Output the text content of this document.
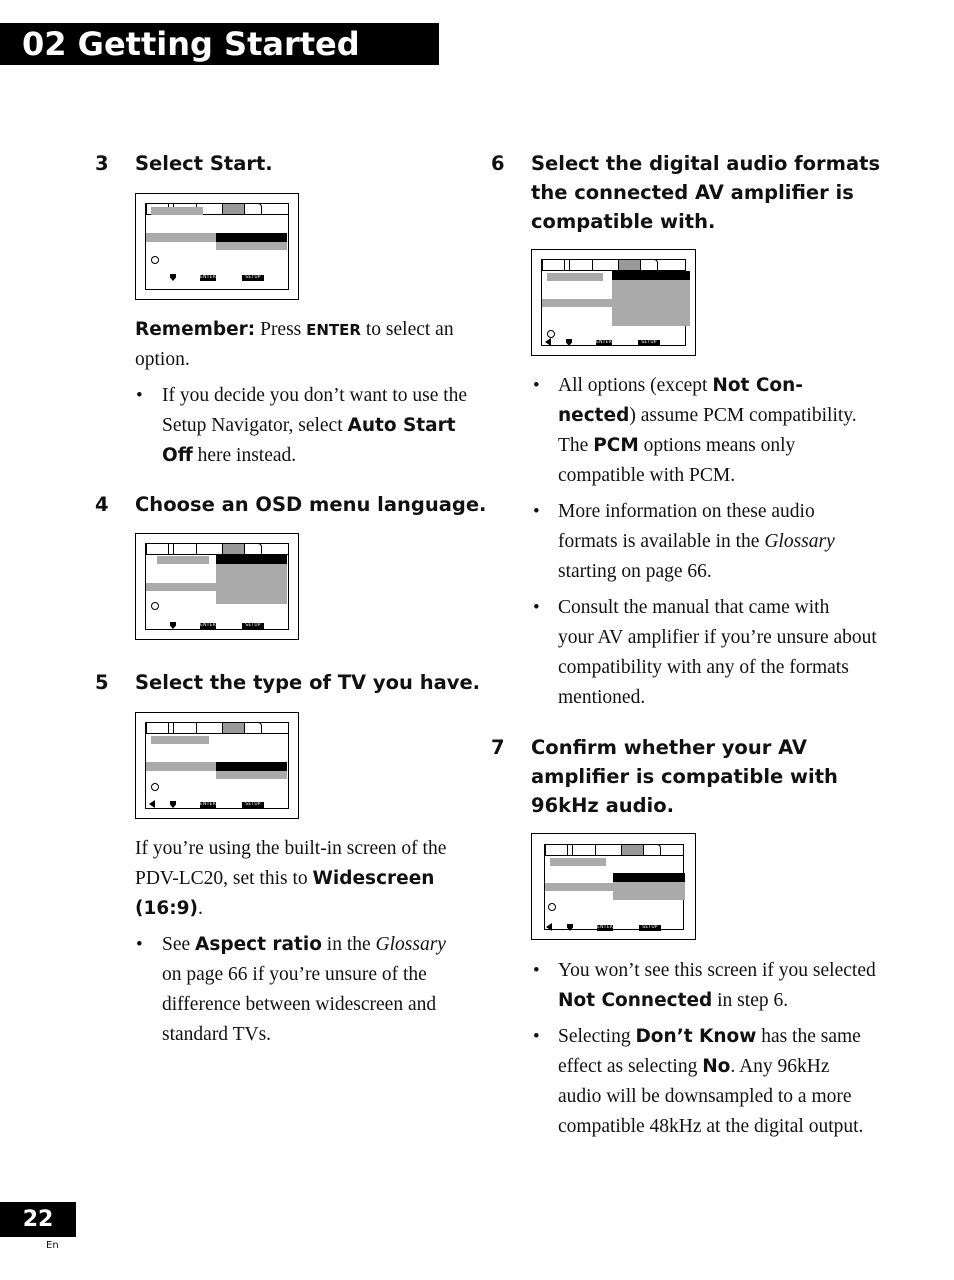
02 Getting Started
3 Select Start.
ENTER	SETUP
Remember: Press ENTER to select an
option.
• If you decide you don’t want to use the
Setup Navigator, select Auto Start
Off here instead.
4 Choose an OSD menu language.
ENTER	SETUP
5 Select the type of TV you have.
ENTER	SETUP
If you’re using the built-in screen of the
PDV-LC20, set this to Widescreen
(16:9).
• See Aspect ratio in the Glossary
on page 66 if you’re unsure of the
difference between widescreen and
standard TVs.
6 Select the digital audio formats
the connected AV amplifier is
compatible with.
ENTER	SETUP
• All options (except Not Con-
nected) assume PCM compatibility.
The PCM options means only
compatible with PCM.
• More information on these audio
formats is available in the Glossary
starting on page 66.
• Consult the manual that came with
your AV amplifier if you’re unsure about
compatibility with any of the formats
mentioned.
7 Confirm whether your AV
amplifier is compatible with
96kHz audio.
ENTER	SETUP
• You won’t see this screen if you selected
Not Connected in step 6.
• Selecting Don’t Know has the same
effect as selecting No. Any 96kHz
audio will be downsampled to a more
compatible 48kHz at the digital output.
22
En
